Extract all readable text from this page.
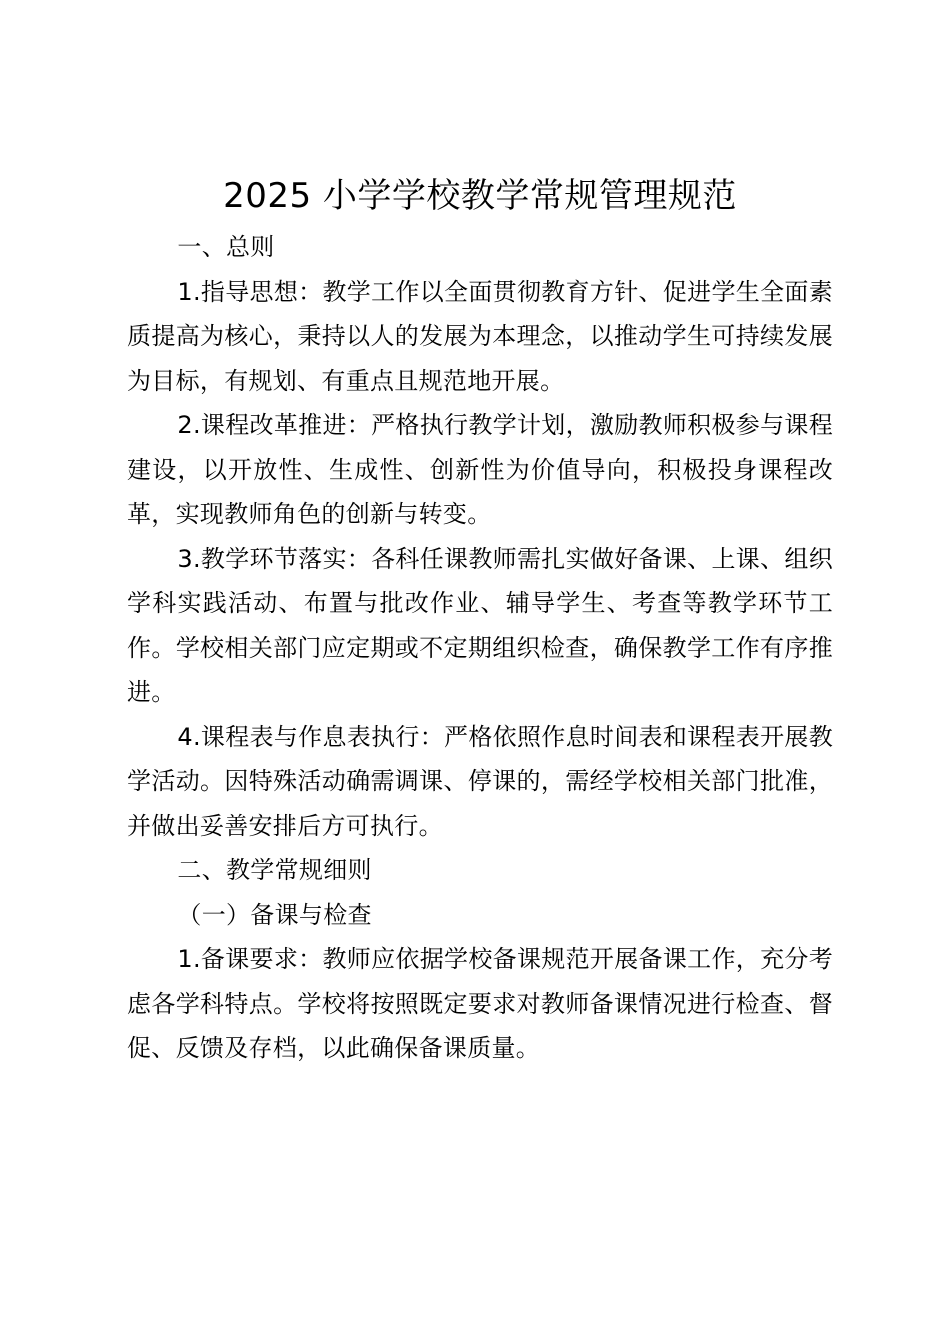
2025 小学学校教学常规管理规范

一、总则

1.指导思想：教学工作以全面贯彻教育方针、促进学生全面素质提高为核心，秉持以人的发展为本理念，以推动学生可持续发展为目标，有规划、有重点且规范地开展。

2.课程改革推进：严格执行教学计划，激励教师积极参与课程建设，以开放性、生成性、创新性为价值导向，积极投身课程改革，实现教师角色的创新与转变。

3.教学环节落实：各科任课教师需扎实做好备课、上课、组织学科实践活动、布置与批改作业、辅导学生、考查等教学环节工作。学校相关部门应定期或不定期组织检查，确保教学工作有序推进。

4.课程表与作息表执行：严格依照作息时间表和课程表开展教学活动。因特殊活动确需调课、停课的，需经学校相关部门批准，并做出妥善安排后方可执行。

二、教学常规细则

（一）备课与检查

1.备课要求：教师应依据学校备课规范开展备课工作，充分考虑各学科特点。学校将按照既定要求对教师备课情况进行检查、督促、反馈及存档，以此确保备课质量。
